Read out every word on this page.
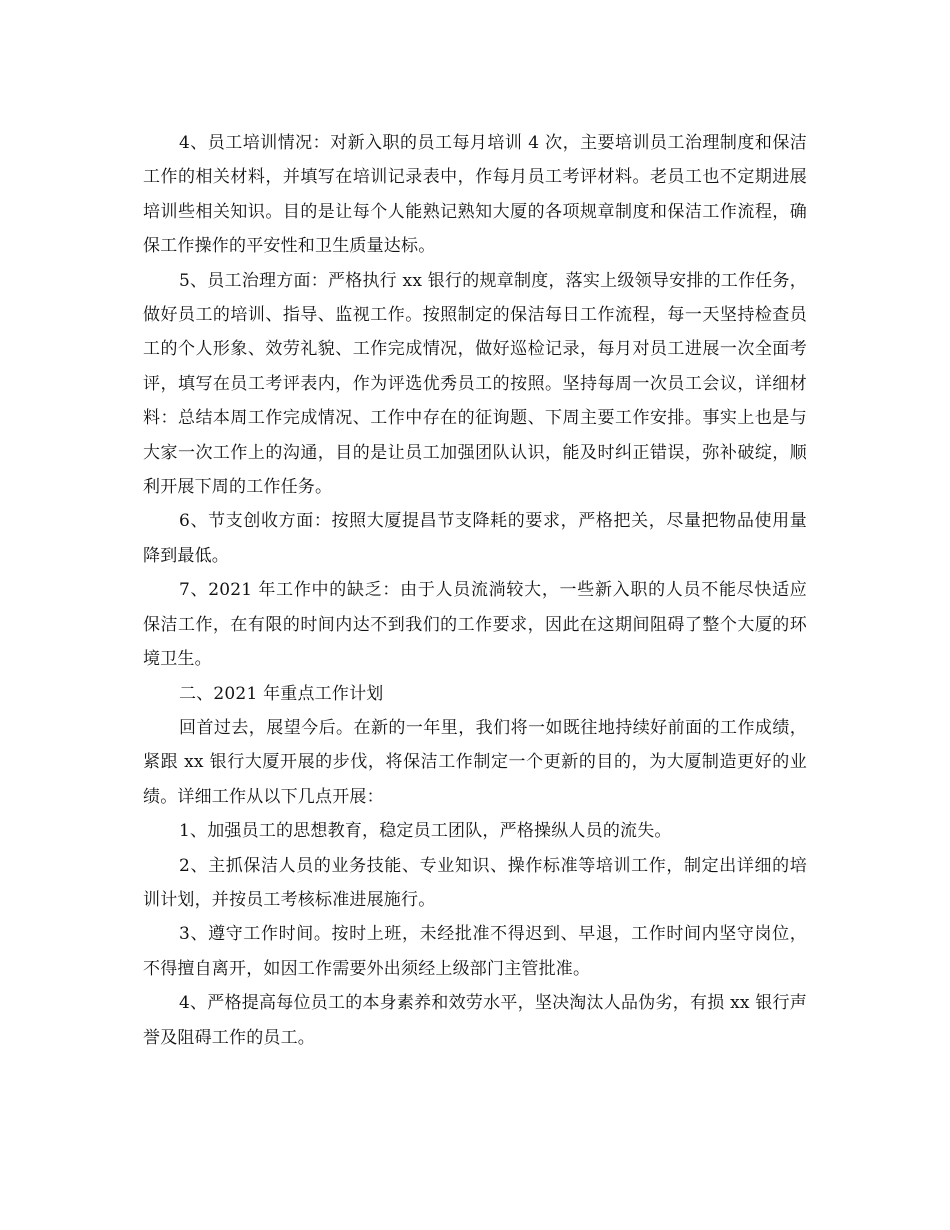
4、员工培训情况：对新入职的员工每月培训 4 次，主要培训员工治理制度和保洁工作的相关材料，并填写在培训记录表中，作每月员工考评材料。老员工也不定期进展培训些相关知识。目的是让每个人能熟记熟知大厦的各项规章制度和保洁工作流程，确保工作操作的平安性和卫生质量达标。

5、员工治理方面：严格执行 xx 银行的规章制度，落实上级领导安排的工作任务，做好员工的培训、指导、监视工作。按照制定的保洁每日工作流程，每一天坚持检查员工的个人形象、效劳礼貌、工作完成情况，做好巡检记录，每月对员工进展一次全面考评，填写在员工考评表内，作为评选优秀员工的按照。坚持每周一次员工会议，详细材料：总结本周工作完成情况、工作中存在的征询题、下周主要工作安排。事实上也是与大家一次工作上的沟通，目的是让员工加强团队认识，能及时纠正错误，弥补破绽，顺利开展下周的工作任务。

6、节支创收方面：按照大厦提昌节支降耗的要求，严格把关，尽量把物品使用量降到最低。

7、2021 年工作中的缺乏：由于人员流淌较大，一些新入职的人员不能尽快适应保洁工作，在有限的时间内达不到我们的工作要求，因此在这期间阻碍了整个大厦的环境卫生。

二、2021 年重点工作计划

回首过去，展望今后。在新的一年里，我们将一如既往地持续好前面的工作成绩，紧跟 xx 银行大厦开展的步伐，将保洁工作制定一个更新的目的，为大厦制造更好的业绩。详细工作从以下几点开展：

1、加强员工的思想教育，稳定员工团队，严格操纵人员的流失。

2、主抓保洁人员的业务技能、专业知识、操作标准等培训工作，制定出详细的培训计划，并按员工考核标准进展施行。

3、遵守工作时间。按时上班，未经批准不得迟到、早退，工作时间内坚守岗位，不得擅自离开，如因工作需要外出须经上级部门主管批准。

4、严格提高每位员工的本身素养和效劳水平，坚决淘汰人品伪劣，有损 xx 银行声誉及阻碍工作的员工。
